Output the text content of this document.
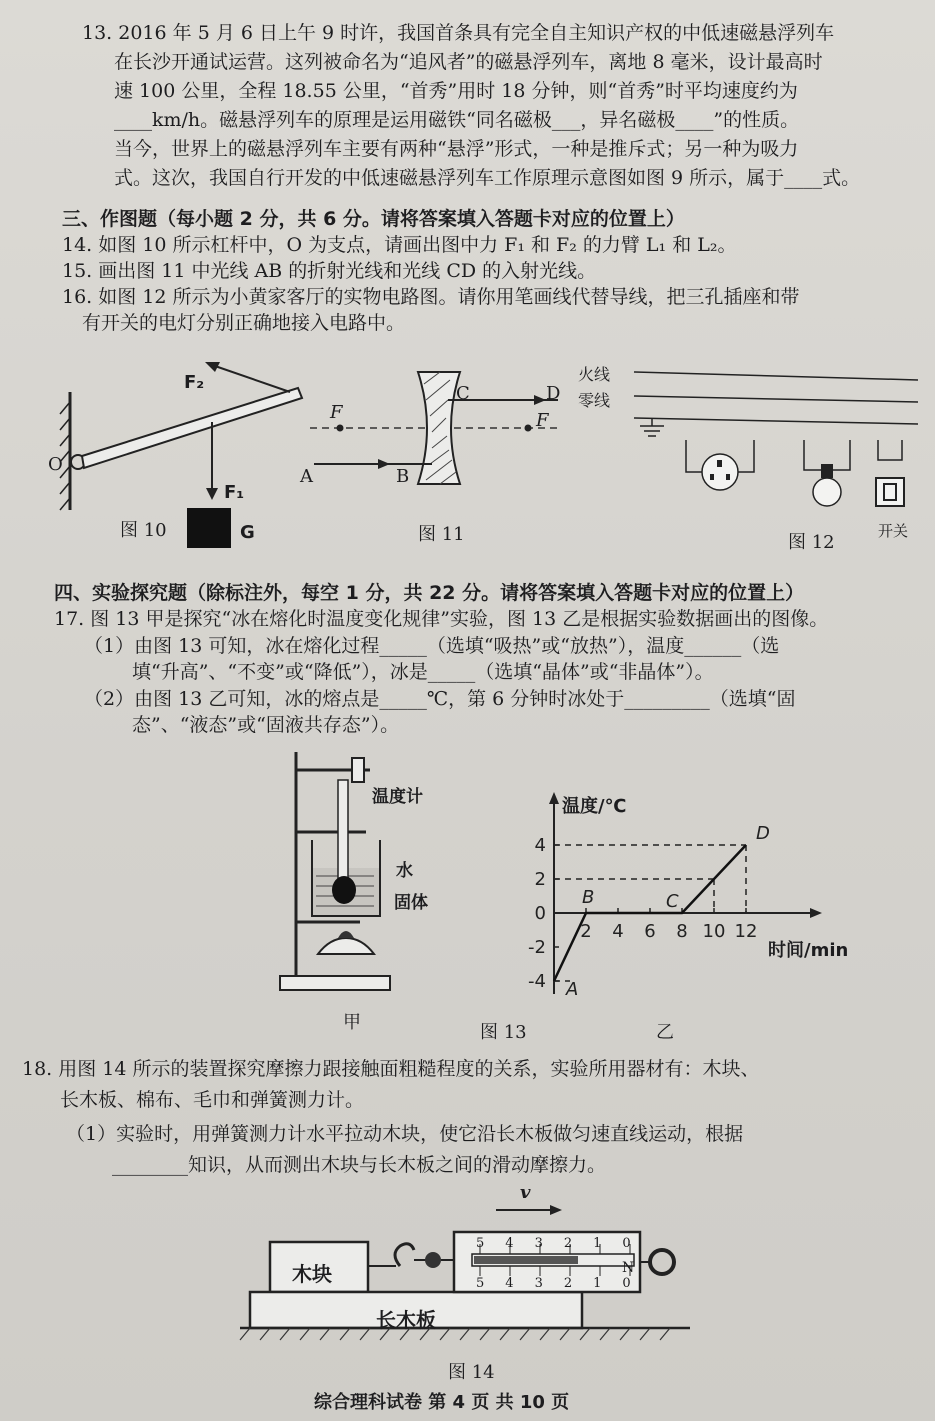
13. 2016 年 5 月 6 日上午 9 时许，我国首条具有完全自主知识产权的中低速磁悬浮列车
在长沙开通试运营。这列被命名为“追风者”的磁悬浮列车，离地 8 毫米，设计最高时
速 100 公里，全程 18.55 公里，“首秀”用时 18 分钟，则“首秀”时平均速度约为
____km/h。磁悬浮列车的原理是运用磁铁“同名磁极___，异名磁极____”的性质。
当今，世界上的磁悬浮列车主要有两种“悬浮”形式，一种是推斥式；另一种为吸力
式。这次，我国自行开发的中低速磁悬浮列车工作原理示意图如图 9 所示，属于____式。
三、作图题（每小题 2 分，共 6 分。请将答案填入答题卡对应的位置上）
14. 如图 10 所示杠杆中，O 为支点，请画出图中力 F₁ 和 F₂ 的力臂 L₁ 和 L₂。
15. 画出图 11 中光线 AB 的折射光线和光线 CD 的入射光线。
16. 如图 12 所示为小黄家客厅的实物电路图。请你用笔画线代替导线，把三孔插座和带
有开关的电灯分别正确地接入电路中。
F₂
F₁
O
G
图 10
F	F
A	B
C	D
图 11
火线
零线
开关
图 12
四、实验探究题（除标注外，每空 1 分，共 22 分。请将答案填入答题卡对应的位置上）
17. 图 13 甲是探究“冰在熔化时温度变化规律”实验，图 13 乙是根据实验数据画出的图像。
（1）由图 13 可知，冰在熔化过程_____（选填“吸热”或“放热”），温度______（选
填“升高”、“不变”或“降低”），冰是_____（选填“晶体”或“非晶体”）。
（2）由图 13 乙可知，冰的熔点是_____℃，第 6 分钟时冰处于_________（选填“固
态”、“液态”或“固液共存态”）。
温度计
水
固体
甲
2 4 6 8 10 12
-4
-2
0
2
4
A
B	C
D
温度/℃
时间/min
图 13	乙
18. 用图 14 所示的装置探究摩擦力跟接触面粗糙程度的关系，实验所用器材有：木块、
长木板、棉布、毛巾和弹簧测力计。
（1）实验时，用弹簧测力计水平拉动木块，使它沿长木板做匀速直线运动，根据
________知识，从而测出木块与长木板之间的滑动摩擦力。
v
木块
长木板
N
543210
543210
图 14
综合理科试卷 第 4 页 共 10 页
